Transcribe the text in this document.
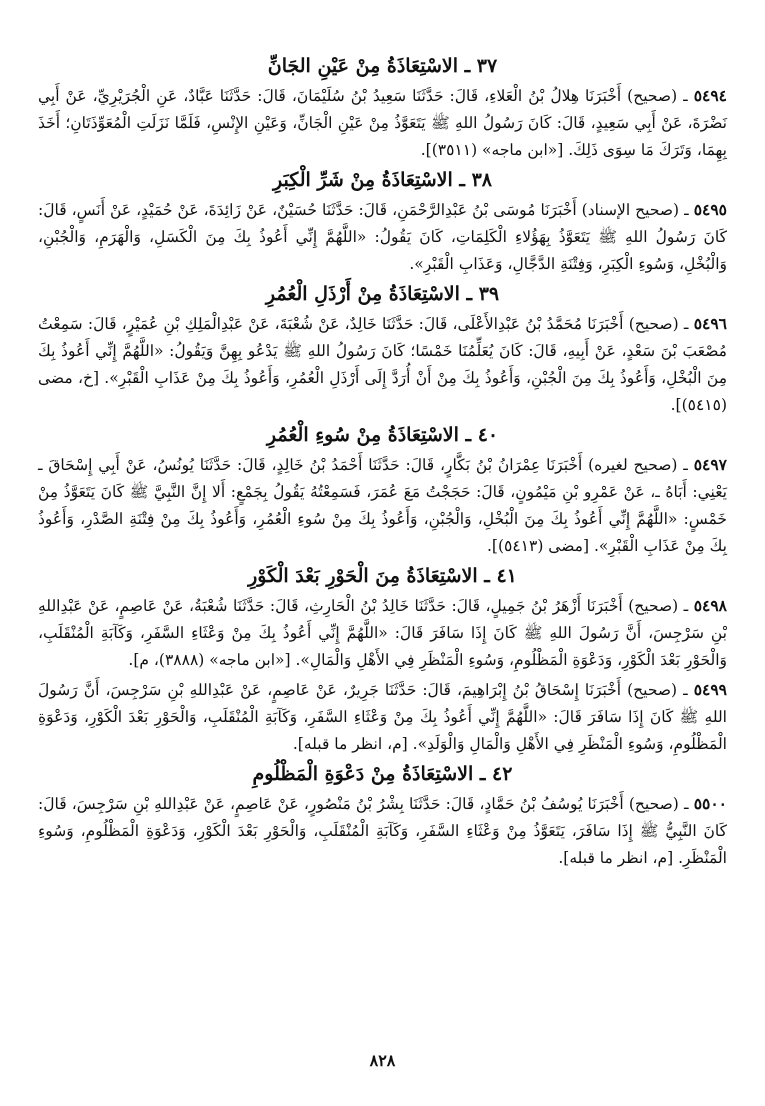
٣٧ ـ الاسْتِعَاذَةُ مِنْ عَيْنِ الجَانِّ
٥٤٩٤ ـ (صحيح) أَخْبَرَنَا هِلالُ بْنُ الْعَلاءِ، قَالَ: حَدَّثَنَا سَعِيدُ بْنُ سُلَيْمَانَ، قَالَ: حَدَّثَنَا عَبَّادٌ، عَنِ الْجُرَيْرِيِّ، عَنْ أَبِي نَضْرَةَ، عَنْ أَبِي سَعِيدٍ، قَالَ: كَانَ رَسُولُ اللهِ ﷺ يَتَعَوَّذُ مِنْ عَيْنِ الْجَانِّ، وَعَيْنِ الإِنْسِ، فَلَمَّا نَزَلَتِ الْمُعَوِّذَتَانِ؛ أَخَذَ بِهِمَا، وَتَرَكَ مَا سِوَى ذَلِكَ. [«ابن ماجه» (٣٥١١)].
٣٨ ـ الاسْتِعَاذَةُ مِنْ شَرِّ الْكِبَرِ
٥٤٩٥ ـ (صحيح الإسناد) أَخْبَرَنَا مُوسَى بْنُ عَبْدِالرَّحْمَنِ، قَالَ: حَدَّثَنَا حُسَيْنٌ، عَنْ زَائِدَةَ، عَنْ حُمَيْدٍ، عَنْ أَنَسٍ، قَالَ: كَانَ رَسُولُ اللهِ ﷺ يَتَعَوَّذُ بِهَؤُلاءِ الْكَلِمَاتِ، كَانَ يَقُولُ: «اللَّهُمَّ إِنِّي أَعُوذُ بِكَ مِنَ الْكَسَلِ، وَالْهَرَمِ، وَالْجُبْنِ، وَالْبُخْلِ، وَسُوءِ الْكِبَرِ، وَفِتْنَةِ الدَّجَّالِ، وَعَذَابِ الْقَبْرِ».
٣٩ ـ الاسْتِعَاذَةُ مِنْ أَرْذَلِ الْعُمُرِ
٥٤٩٦ ـ (صحيح) أَخْبَرَنَا مُحَمَّدُ بْنُ عَبْدِالأَعْلَى، قَالَ: حَدَّثَنَا خَالِدٌ، عَنْ شُعْبَةَ، عَنْ عَبْدِالْمَلِكِ بْنِ عُمَيْرٍ، قَالَ: سَمِعْتُ مُصْعَبَ بْنَ سَعْدٍ، عَنْ أَبِيهِ، قَالَ: كَانَ يُعَلِّمُنَا خَمْسًا؛ كَانَ رَسُولُ اللهِ ﷺ يَدْعُو بِهِنَّ وَيَقُولُ: «اللَّهُمَّ إِنِّي أَعُوذُ بِكَ مِنَ الْبُخْلِ، وَأَعُوذُ بِكَ مِنَ الْجُبْنِ، وَأَعُوذُ بِكَ مِنْ أَنْ أُرَدَّ إِلَى أَرْذَلِ الْعُمُرِ، وَأَعُوذُ بِكَ مِنْ عَذَابِ الْقَبْرِ». [خ، مضى (٥٤١٥)].
٤٠ ـ الاسْتِعَاذَةُ مِنْ سُوءِ الْعُمُرِ
٥٤٩٧ ـ (صحيح لغيره) أَخْبَرَنَا عِمْرَانُ بْنُ بَكَّارٍ، قَالَ: حَدَّثَنَا أَحْمَدُ بْنُ خَالِدٍ، قَالَ: حَدَّثَنَا يُونُسُ، عَنْ أَبِي إِسْحَاقَ ـ يَعْنِي: أَبَاهُ ـ، عَنْ عَمْرِو بْنِ مَيْمُونٍ، قَالَ: حَجَجْتُ مَعَ عُمَرَ، فَسَمِعْتُهُ يَقُولُ بِجَمْعٍ: أَلا إِنَّ النَّبِيَّ ﷺ كَانَ يَتَعَوَّذُ مِنْ خَمْسٍ: «اللَّهُمَّ إِنِّي أَعُوذُ بِكَ مِنَ الْبُخْلِ، وَالْجُبْنِ، وَأَعُوذُ بِكَ مِنْ سُوءِ الْعُمُرِ، وَأَعُوذُ بِكَ مِنْ فِتْنَةِ الصَّدْرِ، وَأَعُوذُ بِكَ مِنْ عَذَابِ الْقَبْرِ». [مضى (٥٤١٣)].
٤١ ـ الاسْتِعَاذَةُ مِنَ الْحَوْرِ بَعْدَ الْكَوْرِ
٥٤٩٨ ـ (صحيح) أَخْبَرَنَا أَزْهَرُ بْنُ جَمِيلٍ، قَالَ: حَدَّثَنَا خَالِدُ بْنُ الْحَارِثِ، قَالَ: حَدَّثَنَا شُعْبَةُ، عَنْ عَاصِمٍ، عَنْ عَبْدِاللهِ بْنِ سَرْجِسَ، أَنَّ رَسُولَ اللهِ ﷺ كَانَ إِذَا سَافَرَ قَالَ: «اللَّهُمَّ إِنِّي أَعُوذُ بِكَ مِنْ وَعْثَاءِ السَّفَرِ، وَكَآبَةِ الْمُنْقَلَبِ، وَالْحَوْرِ بَعْدَ الْكَوْرِ، وَدَعْوَةِ الْمَظْلُومِ، وَسُوءِ الْمَنْظَرِ فِي الأَهْلِ وَالْمَالِ». [«ابن ماجه» (٣٨٨٨)، م].
٥٤٩٩ ـ (صحيح) أَخْبَرَنَا إِسْحَاقُ بْنُ إِبْرَاهِيمَ، قَالَ: حَدَّثَنَا جَرِيرٌ، عَنْ عَاصِمٍ، عَنْ عَبْدِاللهِ بْنِ سَرْجِسَ، أَنَّ رَسُولَ اللهِ ﷺ كَانَ إِذَا سَافَرَ قَالَ: «اللَّهُمَّ إِنِّي أَعُوذُ بِكَ مِنْ وَعْثَاءِ السَّفَرِ، وَكَآبَةِ الْمُنْقَلَبِ، وَالْحَوْرِ بَعْدَ الْكَوْرِ، وَدَعْوَةِ الْمَظْلُومِ، وَسُوءِ الْمَنْظَرِ فِي الأَهْلِ وَالْمَالِ وَالْوَلَدِ». [م، انظر ما قبله].
٤٢ ـ الاسْتِعَاذَةُ مِنْ دَعْوَةِ الْمَظْلُومِ
٥٥٠٠ ـ (صحيح) أَخْبَرَنَا يُوسُفُ بْنُ حَمَّادٍ، قَالَ: حَدَّثَنَا بِشْرُ بْنُ مَنْصُورٍ، عَنْ عَاصِمٍ، عَنْ عَبْدِاللهِ بْنِ سَرْجِسَ، قَالَ: كَانَ النَّبِيُّ ﷺ إِذَا سَافَرَ، يَتَعَوَّذُ مِنْ وَعْثَاءِ السَّفَرِ، وَكَآبَةِ الْمُنْقَلَبِ، وَالْحَوْرِ بَعْدَ الْكَوْرِ، وَدَعْوَةِ الْمَظْلُومِ، وَسُوءِ الْمَنْظَرِ. [م، انظر ما قبله].
٨٢٨
